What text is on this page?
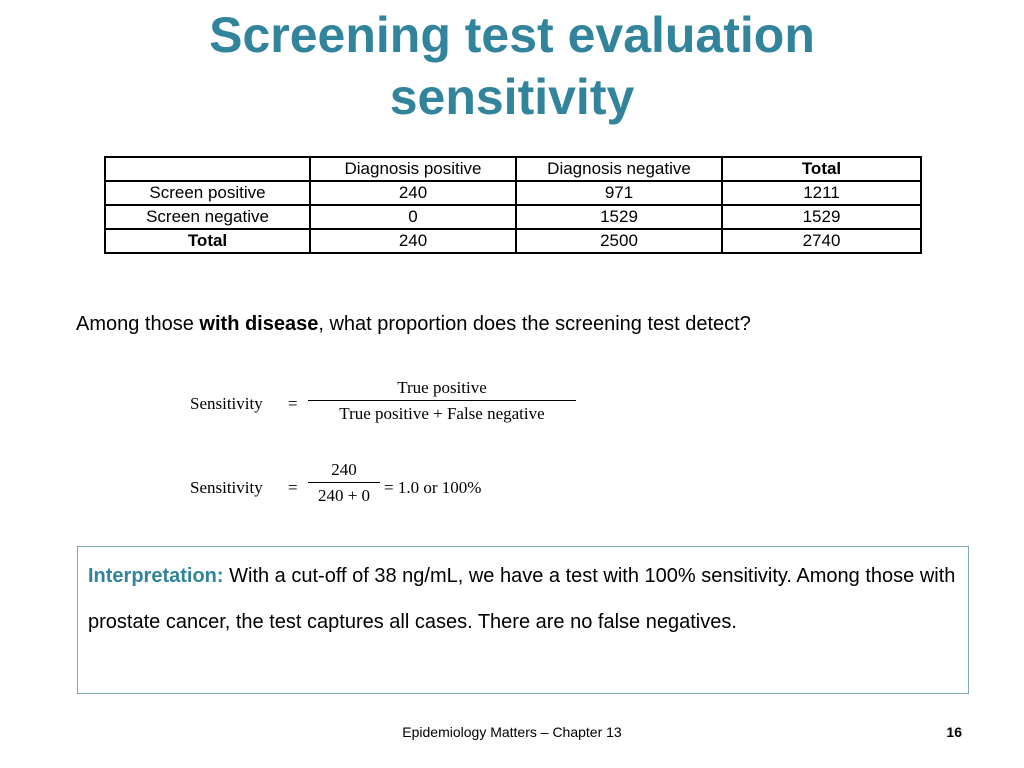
Screening test evaluation
sensitivity
	Diagnosis positive	Diagnosis negative	Total
Screen positive	240	971	1211
Screen negative	0	1529	1529
Total	240	2500	2740
Among those with disease, what proportion does the screening test detect?
Sensitivity =
True positive
True positive + False negative
Sensitivity = $\frac{240}{240 + 0} = 1.0$ or 100%
Interpretation: With a cut-off of 38 ng/mL, we have a test with 100% sensitivity. Among those with prostate cancer, the test captures all cases. There are no false negatives.
Epidemiology Matters – Chapter 13	16
